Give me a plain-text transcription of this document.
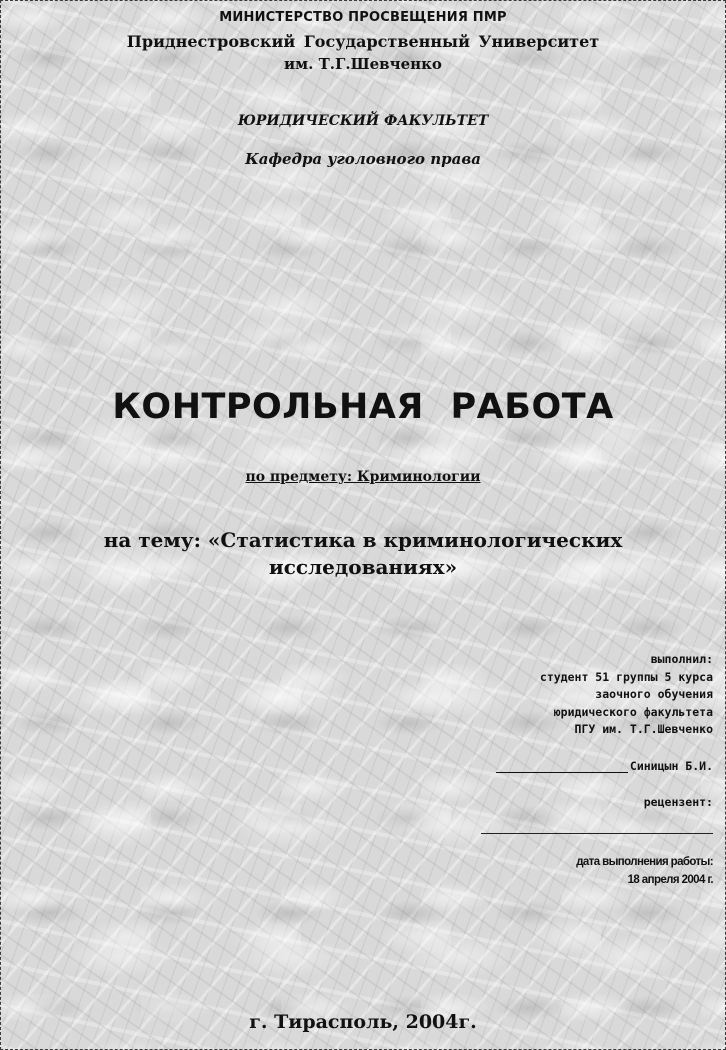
МИНИСТЕРСТВО ПРОСВЕЩЕНИЯ ПМР
Приднестровский Государственный Университет
им. Т.Г.Шевченко
ЮРИДИЧЕСКИЙ ФАКУЛЬТЕТ
Кафедра уголовного права
КОНТРОЛЬНАЯ РАБОТА
по предмету: Криминологии
на тему: «Статистика в криминологических
исследованиях»
выполнил:
студент 51 группы 5 курса
заочного обучения
юридического факультета
ПГУ им. Т.Г.Шевченко
Синицын Б.И.
рецензент:
дата выполнения работы:
18 апреля 2004 г.
г. Тирасполь, 2004г.
